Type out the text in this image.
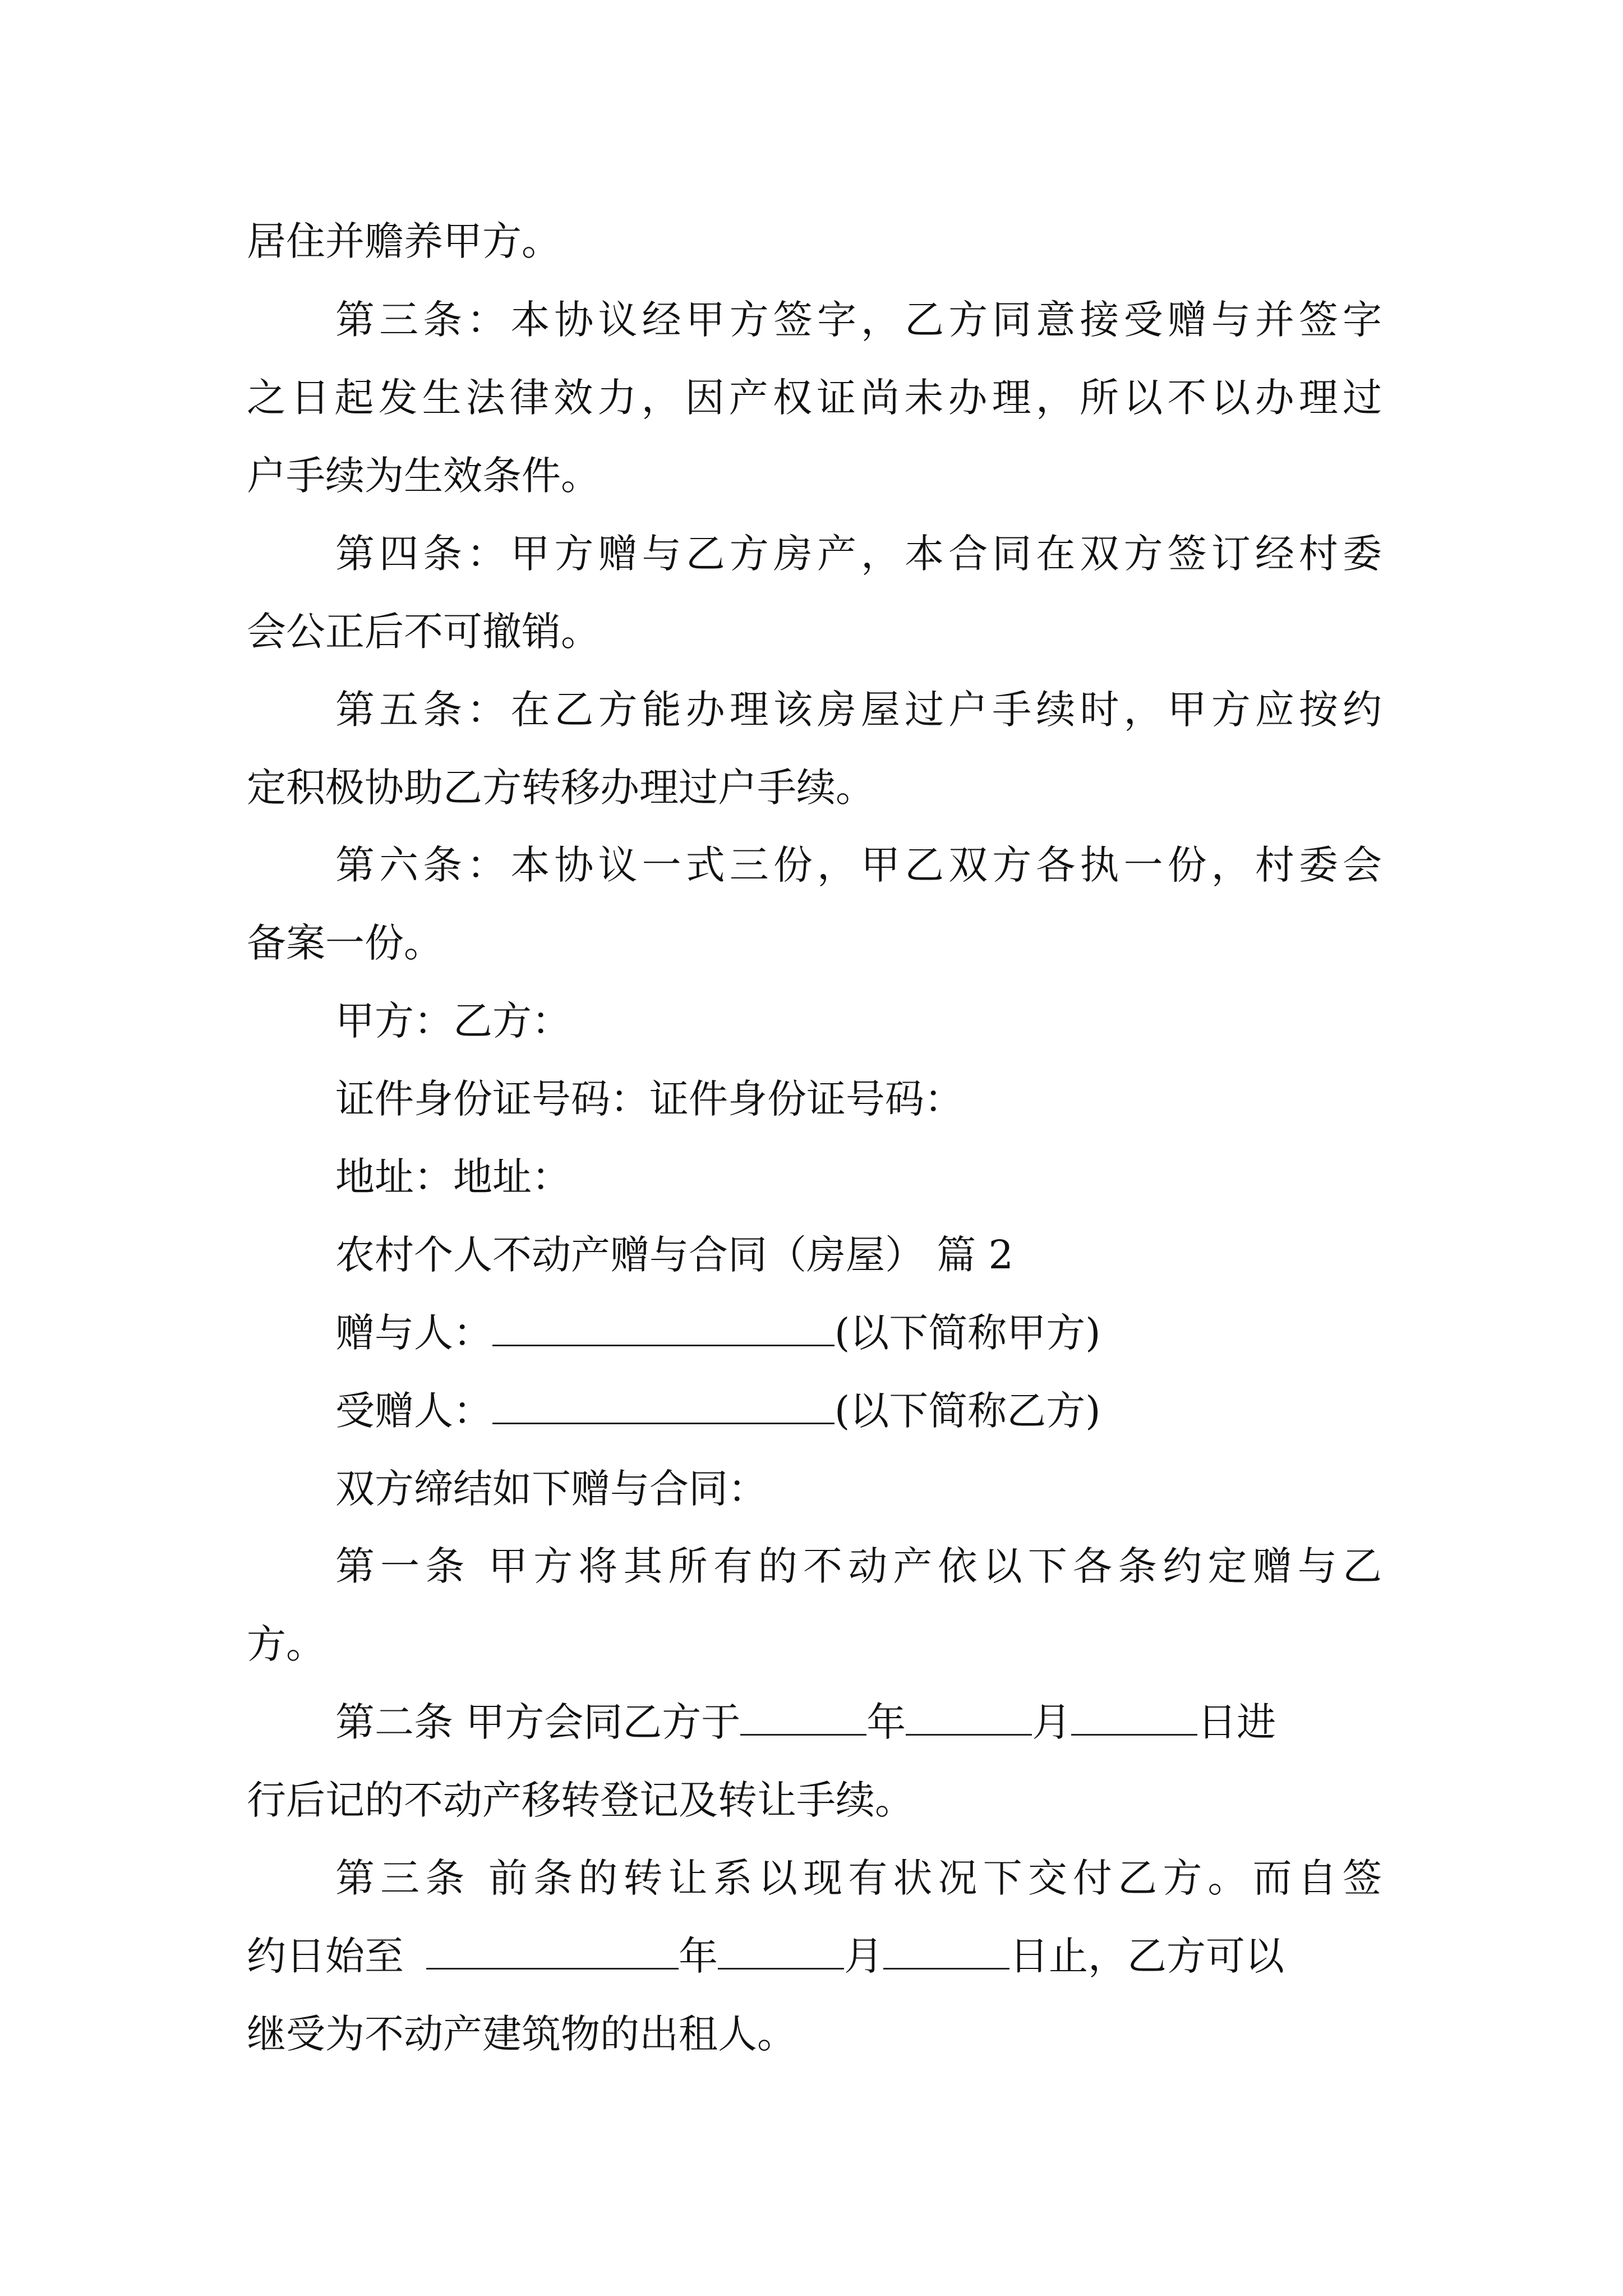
居住并赡养甲方。
第三条：本协议经甲方签字，乙方同意接受赠与并签字
之日起发生法律效力，因产权证尚未办理，所以不以办理过
户手续为生效条件。
第四条：甲方赠与乙方房产，本合同在双方签订经村委
会公正后不可撤销。
第五条：在乙方能办理该房屋过户手续时，甲方应按约
定积极协助乙方转移办理过户手续。
第六条：本协议一式三份，甲乙双方各执一份，村委会
备案一份。
甲方：乙方：
证件身份证号码：证件身份证号码：
地址：地址：
农村个人不动产赠与合同（房屋） 篇 2
赠与人：	(以下简称甲方)
受赠人：	(以下简称乙方)
双方缔结如下赠与合同：
第一条 甲方将其所有的不动产依以下各条约定赠与乙
方。
第二条 甲方会同乙方于	年	月	日进
行后记的不动产移转登记及转让手续。
第三条 前条的转让系以现有状况下交付乙方。而自签
约日始至	年	月	日止，乙方可以
继受为不动产建筑物的出租人。
